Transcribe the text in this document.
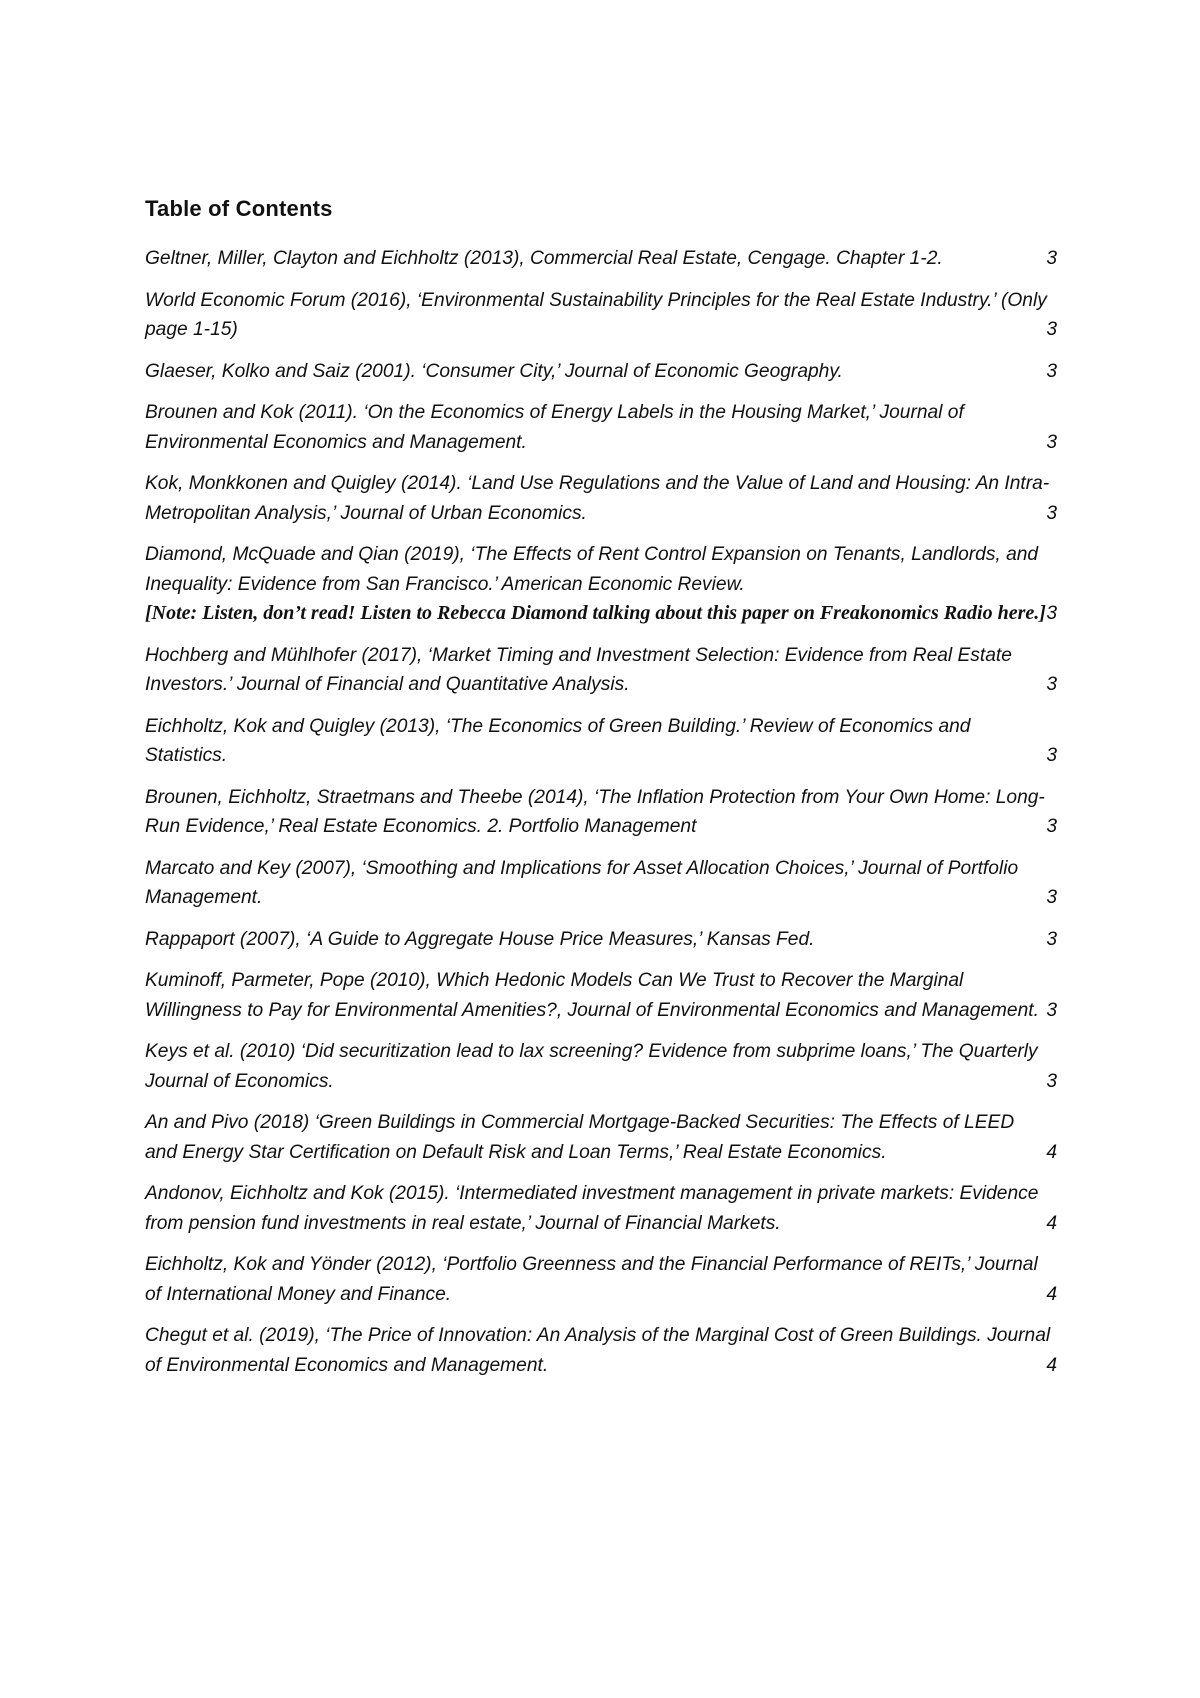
Table of Contents
Geltner, Miller, Clayton and Eichholtz (2013), Commercial Real Estate, Cengage. Chapter 1-2.	3
World Economic Forum (2016), ‘Environmental Sustainability Principles for the Real Estate Industry.’ (Only page 1-15)	3
Glaeser, Kolko and Saiz (2001). ‘Consumer City,’ Journal of Economic Geography.	3
Brounen and Kok (2011). ‘On the Economics of Energy Labels in the Housing Market,’ Journal of Environmental Economics and Management.	3
Kok, Monkkonen and Quigley (2014). ‘Land Use Regulations and the Value of Land and Housing: An Intra-Metropolitan Analysis,’ Journal of Urban Economics.	3
Diamond, McQuade and Qian (2019), ‘The Effects of Rent Control Expansion on Tenants, Landlords, and Inequality: Evidence from San Francisco.’ American Economic Review.
[Note: Listen, don’t read! Listen to Rebecca Diamond talking about this paper on Freakonomics Radio here.] 3
Hochberg and Mühlhofer (2017), ‘Market Timing and Investment Selection: Evidence from Real Estate Investors.’ Journal of Financial and Quantitative Analysis.	3
Eichholtz, Kok and Quigley (2013), ‘The Economics of Green Building.’ Review of Economics and Statistics.	3
Brounen, Eichholtz, Straetmans and Theebe (2014), ‘The Inflation Protection from Your Own Home: Long-Run Evidence,’ Real Estate Economics. 2. Portfolio Management	3
Marcato and Key (2007), ‘Smoothing and Implications for Asset Allocation Choices,’ Journal of Portfolio Management.	3
Rappaport (2007), ‘A Guide to Aggregate House Price Measures,’ Kansas Fed.	3
Kuminoff, Parmeter, Pope (2010), Which Hedonic Models Can We Trust to Recover the Marginal Willingness to Pay for Environmental Amenities?, Journal of Environmental Economics and Management. 3
Keys et al. (2010) ‘Did securitization lead to lax screening? Evidence from subprime loans,’ The Quarterly Journal of Economics.	3
An and Pivo (2018) ‘Green Buildings in Commercial Mortgage-Backed Securities: The Effects of LEED and Energy Star Certification on Default Risk and Loan Terms,’ Real Estate Economics.	4
Andonov, Eichholtz and Kok (2015). ‘Intermediated investment management in private markets: Evidence from pension fund investments in real estate,’ Journal of Financial Markets.	4
Eichholtz, Kok and Yönder (2012), ‘Portfolio Greenness and the Financial Performance of REITs,’ Journal of International Money and Finance.	4
Chegut et al. (2019), ‘The Price of Innovation: An Analysis of the Marginal Cost of Green Buildings. Journal of Environmental Economics and Management.	4
